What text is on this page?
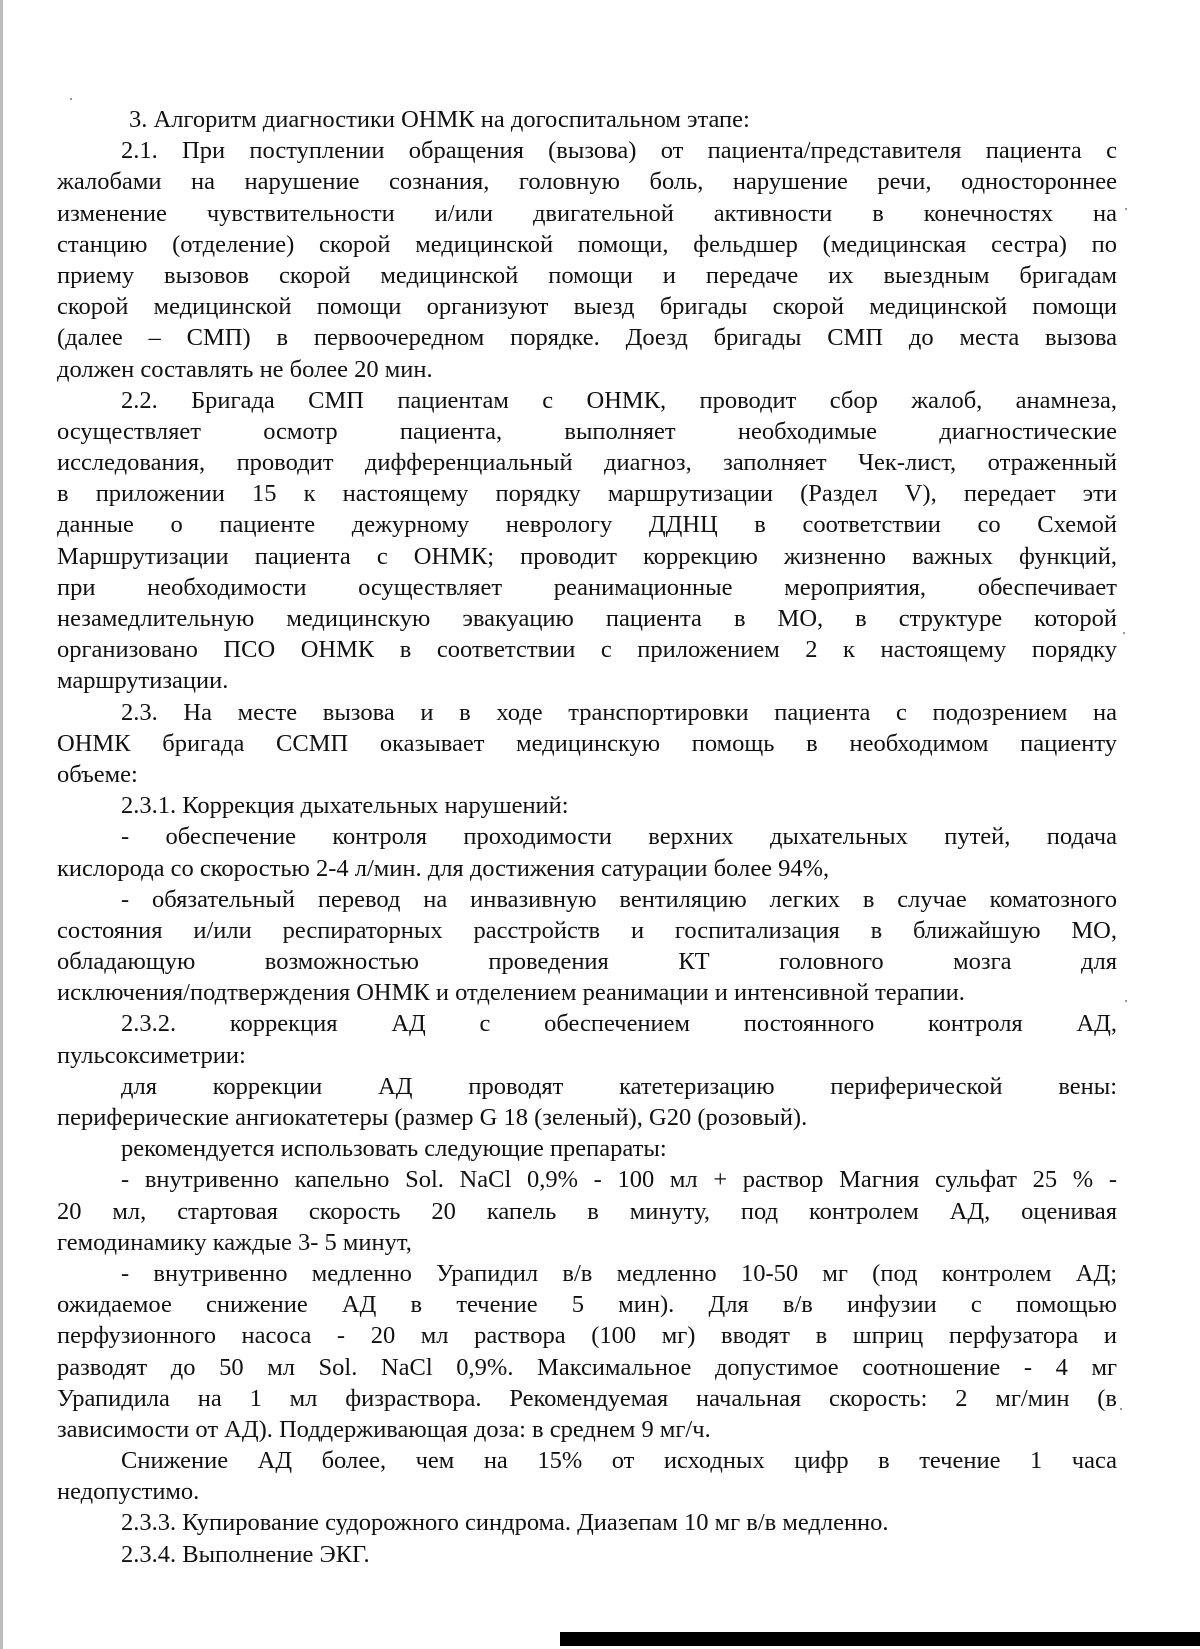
3. Алгоритм диагностики ОНМК на догоспитальном этапе:
2.1. При поступлении обращения (вызова) от пациента/представителя пациента с
жалобами на нарушение сознания, головную боль, нарушение речи, одностороннее
изменение чувствительности и/или двигательной активности в конечностях на
станцию (отделение) скорой медицинской помощи, фельдшер (медицинская сестра) по
приему вызовов скорой медицинской помощи и передаче их выездным бригадам
скорой медицинской помощи организуют выезд бригады скорой медицинской помощи
(далее – СМП) в первоочередном порядке. Доезд бригады СМП до места вызова
должен составлять не более 20 мин.
2.2. Бригада СМП пациентам с ОНМК, проводит сбор жалоб, анамнеза,
осуществляет осмотр пациента, выполняет необходимые диагностические
исследования, проводит дифференциальный диагноз, заполняет Чек-лист, отраженный
в приложении 15 к настоящему порядку маршрутизации (Раздел V), передает эти
данные о пациенте дежурному неврологу ДДНЦ в соответствии со Схемой
Маршрутизации пациента с ОНМК; проводит коррекцию жизненно важных функций,
при необходимости осуществляет реанимационные мероприятия, обеспечивает
незамедлительную медицинскую эвакуацию пациента в МО, в структуре которой
организовано ПСО ОНМК в соответствии с приложением 2 к настоящему порядку
маршрутизации.
2.3. На месте вызова и в ходе транспортировки пациента с подозрением на
ОНМК бригада ССМП оказывает медицинскую помощь в необходимом пациенту
объеме:
2.3.1. Коррекция дыхательных нарушений:
- обеспечение контроля проходимости верхних дыхательных путей, подача
кислорода со скоростью 2-4 л/мин. для достижения сатурации более 94%,
- обязательный перевод на инвазивную вентиляцию легких в случае коматозного
состояния и/или респираторных расстройств и госпитализация в ближайшую МО,
обладающую возможностью проведения КТ головного мозга для
исключения/подтверждения ОНМК и отделением реанимации и интенсивной терапии.
2.3.2. коррекция АД с обеспечением постоянного контроля АД,
пульсоксиметрии:
для коррекции АД проводят катетеризацию периферической вены:
периферические ангиокатетеры (размер G 18 (зеленый), G20 (розовый).
рекомендуется использовать следующие препараты:
- внутривенно капельно Sol. NaCl 0,9% - 100 мл + раствор Магния сульфат 25 % -
20 мл, стартовая скорость 20 капель в минуту, под контролем АД, оценивая
гемодинамику каждые 3- 5 минут,
- внутривенно медленно Урапидил в/в медленно 10-50 мг (под контролем АД;
ожидаемое снижение АД в течение 5 мин). Для в/в инфузии с помощью
перфузионного насоса - 20 мл раствора (100 мг) вводят в шприц перфузатора и
разводят до 50 мл Sol. NaCl 0,9%. Максимальное допустимое соотношение - 4 мг
Урапидила на 1 мл физраствора. Рекомендуемая начальная скорость: 2 мг/мин (в
зависимости от АД). Поддерживающая доза: в среднем 9 мг/ч.
Снижение АД более, чем на 15% от исходных цифр в течение 1 часа
недопустимо.
2.3.3. Купирование судорожного синдрома. Диазепам 10 мг в/в медленно.
2.3.4. Выполнение ЭКГ.
